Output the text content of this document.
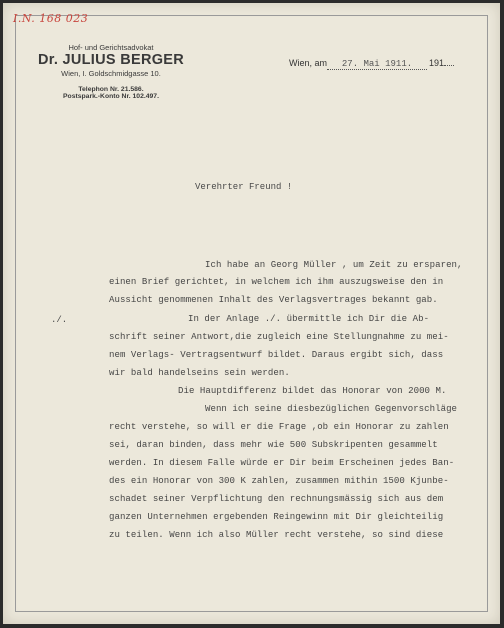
I.N. 168 023
Hof- und Gerichtsadvokat
Dr. JULIUS BERGER
Wien, I. Goldschmidgasse 10.
Telephon Nr. 21.586.
Postspark.-Konto Nr. 102.497.
Wien, am 27. Mai 1911. 191
Verehrter Freund !
./.
Ich habe an Georg Müller , um Zeit zu ersparen,
einen Brief gerichtet, in welchem ich ihm auszugsweise den in
Aussicht genommenen Inhalt des Verlagsvertrages bekannt gab.
In der Anlage ./. übermittle ich Dir die Ab-
schrift seiner Antwort,die zugleich eine Stellungnahme zu mei-
nem Verlags- Vertragsentwurf bildet. Daraus ergibt sich, dass
wir bald handelseins sein werden.
Die Hauptdifferenz bildet das Honorar von 2000 M.
Wenn ich seine diesbezüglichen Gegenvorschläge
recht verstehe, so will er die Frage ,ob ein Honorar zu zahlen
sei, daran binden, dass mehr wie 500 Subskripenten gesammelt
werden. In diesem Falle würde er Dir beim Erscheinen jedes Ban-
des ein Honorar von 300 K zahlen, zusammen mithin 1500 Kjunbe-
schadet seiner Verpflichtung den rechnungsmässig sich aus dem
ganzen Unternehmen ergebenden Reingewinn mit Dir gleichteilig
zu teilen. Wenn ich also Müller recht verstehe, so sind diese
